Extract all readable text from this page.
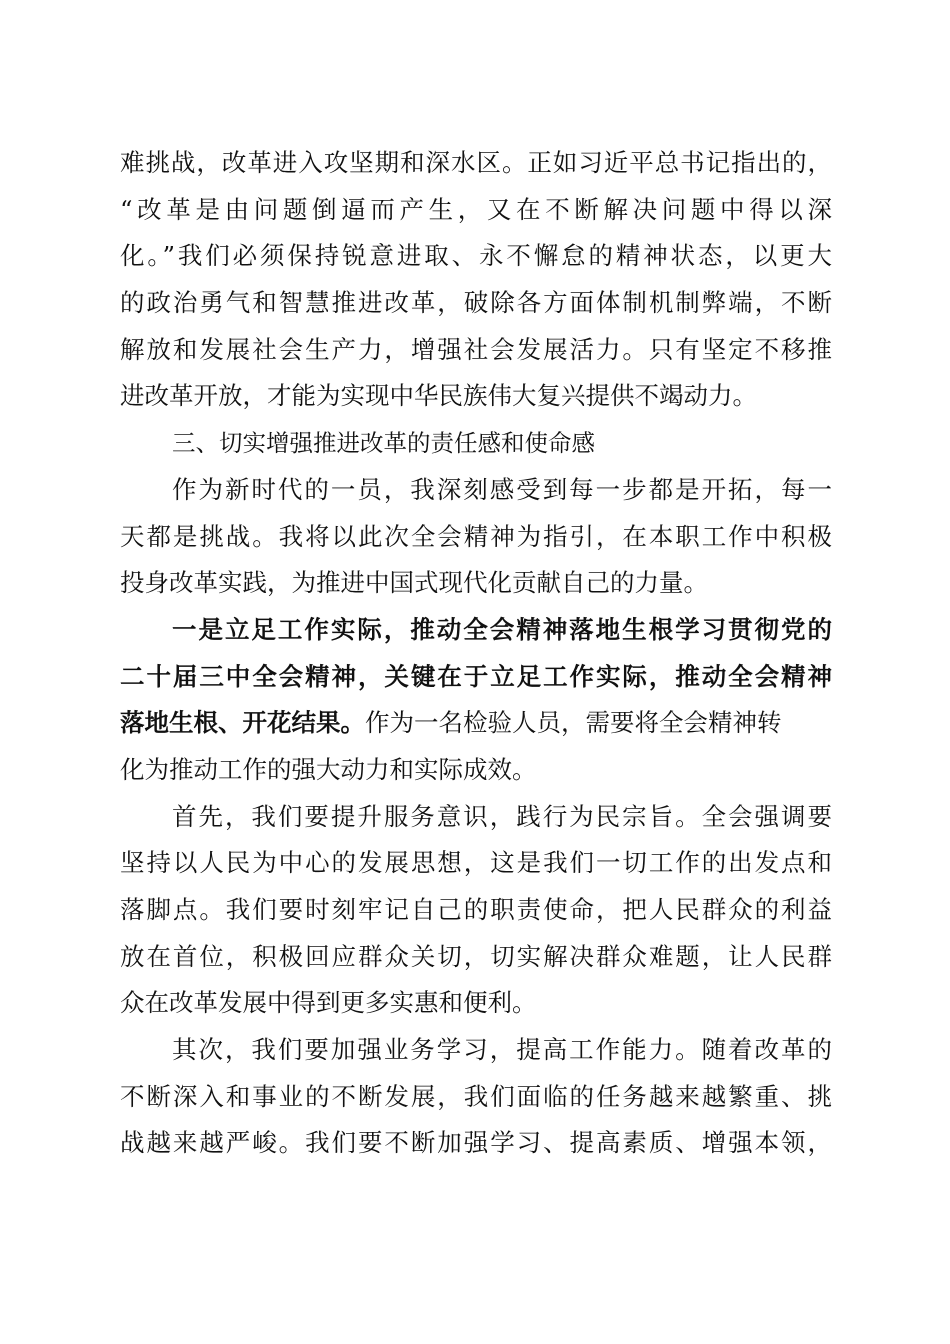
难挑战，改革进入攻坚期和深水区。正如习近平总书记指出的，
“改革是由问题倒逼而产生，又在不断解决问题中得以深
化。”我们必须保持锐意进取、永不懈怠的精神状态，以更大
的政治勇气和智慧推进改革，破除各方面体制机制弊端，不断
解放和发展社会生产力，增强社会发展活力。只有坚定不移推
进改革开放，才能为实现中华民族伟大复兴提供不竭动力。
三、切实增强推进改革的责任感和使命感
作为新时代的一员，我深刻感受到每一步都是开拓，每一
天都是挑战。我将以此次全会精神为指引，在本职工作中积极
投身改革实践，为推进中国式现代化贡献自己的力量。
一是立足工作实际，推动全会精神落地生根学习贯彻党的
二十届三中全会精神，关键在于立足工作实际，推动全会精神
落地生根、开花结果。作为一名检验人员，需要将全会精神转
化为推动工作的强大动力和实际成效。
首先，我们要提升服务意识，践行为民宗旨。全会强调要
坚持以人民为中心的发展思想，这是我们一切工作的出发点和
落脚点。我们要时刻牢记自己的职责使命，把人民群众的利益
放在首位，积极回应群众关切，切实解决群众难题，让人民群
众在改革发展中得到更多实惠和便利。
其次，我们要加强业务学习，提高工作能力。随着改革的
不断深入和事业的不断发展，我们面临的任务越来越繁重、挑
战越来越严峻。我们要不断加强学习、提高素质、增强本领，
